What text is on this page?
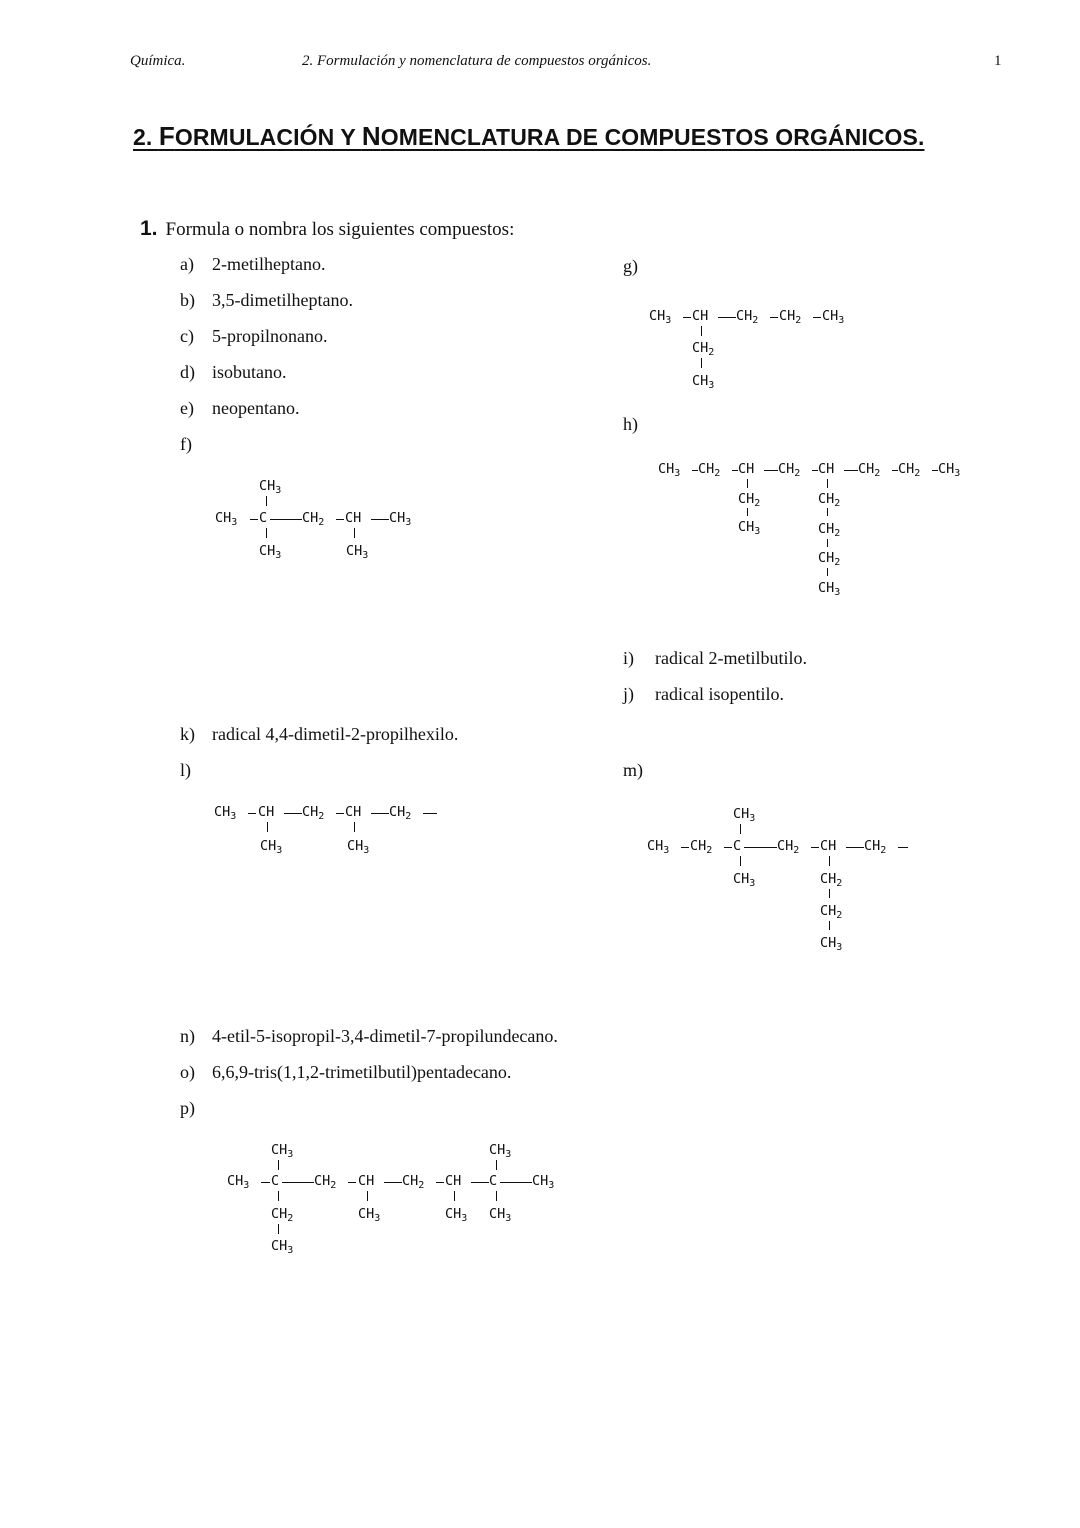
Química.	2. Formulación y nomenclatura de compuestos orgánicos.	1
2. FORMULACIÓN Y NOMENCLATURA DE COMPUESTOS ORGÁNICOS.
1. Formula o nombra los siguientes compuestos:
a) 2-metilheptano.
b) 3,5-dimetilheptano.
c) 5-propilnonano.
d) isobutano.
e) neopentano.
f)
$CH_3$
$CH_3$ C	$CH_2$ CH $CH_3$
$CH_3$	$CH_3$
g)
$CH_3$ CH $CH_2$ $CH_2$ $CH_3$
$CH_2$
$CH_3$
h)
$CH_3$ $CH_2$ CH $CH_2$ CH $CH_2$ $CH_2$ $CH_3$
$CH_2$	$CH_2$
$CH_3$	$CH_2$
$CH_2$
$CH_3$
i) radical 2-metilbutilo.
j) radical isopentilo.
k) radical 4,4-dimetil-2-propilhexilo.
l)
$CH_3$ CH $CH_2$ CH $CH_2$
$CH_3$	$CH_3$
m)
$CH_3$
$CH_3$ $CH_2$ C	$CH_2$ CH $CH_2$
$CH_3$	$CH_2$
$CH_2$
$CH_3$
n) 4-etil-5-isopropil-3,4-dimetil-7-propilundecano.
o) 6,6,9-tris(1,1,2-trimetilbutil)pentadecano.
p)
$CH_3$	$CH_3$
$CH_3$ C	$CH_2$ CH $CH_2$ CH C	$CH_3$
$CH_2$	$CH_3$	$CH_3$ $CH_3$
$CH_3$
